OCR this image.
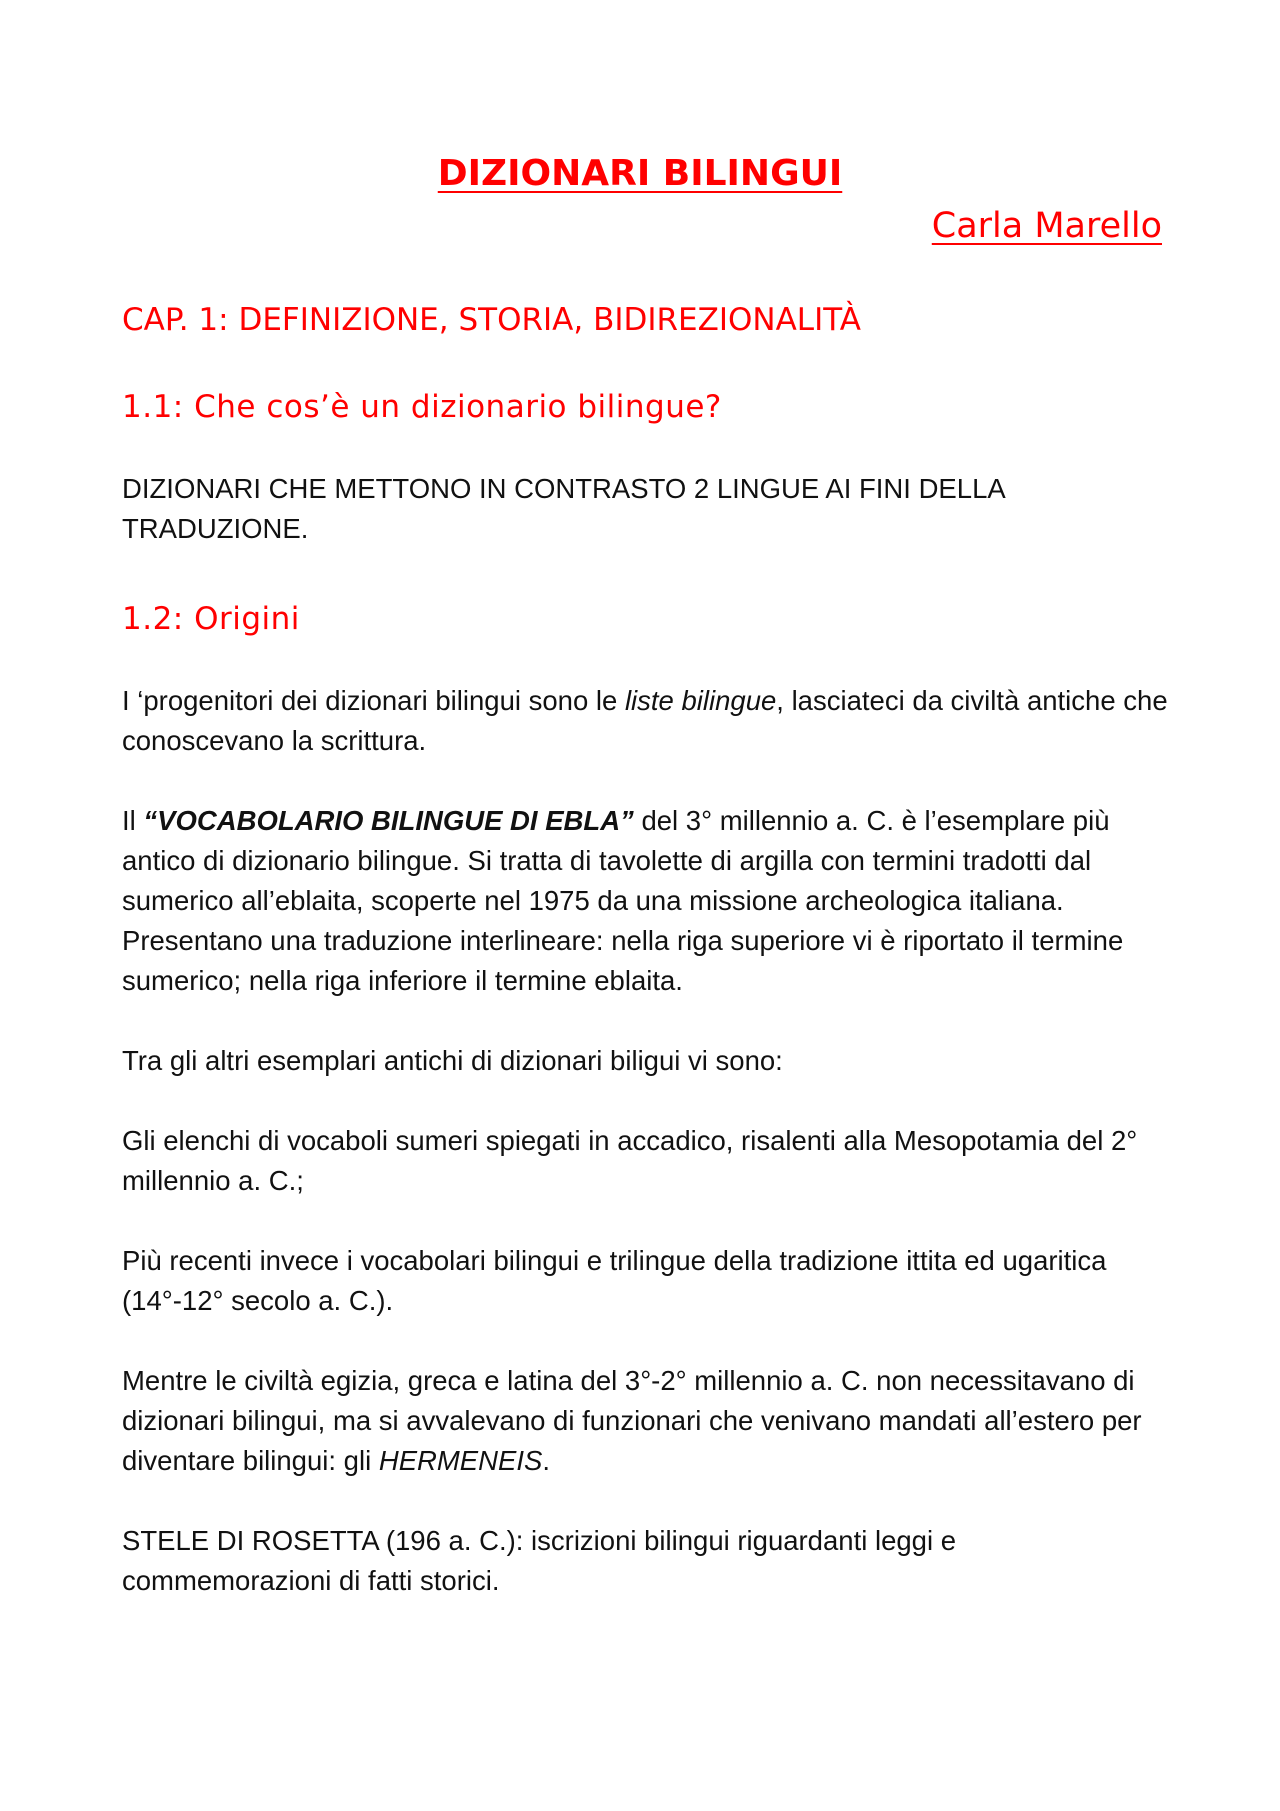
DIZIONARI BILINGUI
Carla Marello
CAP. 1: DEFINIZIONE, STORIA, BIDIREZIONALITÀ
1.1: Che cos’è un dizionario bilingue?

DIZIONARI CHE METTONO IN CONTRASTO 2 LINGUE AI FINI DELLA TRADUZIONE.

1.2: Origini

I ‘progenitori dei dizionari bilingui sono le liste bilingue, lasciateci da civiltà antiche che conoscevano la scrittura.

Il “VOCABOLARIO BILINGUE DI EBLA” del 3° millennio a. C. è l’esemplare più antico di dizionario bilingue. Si tratta di tavolette di argilla con termini tradotti dal sumerico all’eblaita, scoperte nel 1975 da una missione archeologica italiana.

Presentano una traduzione interlineare: nella riga superiore vi è riportato il termine sumerico; nella riga inferiore il termine eblaita.

Tra gli altri esemplari antichi di dizionari biligui vi sono:

Gli elenchi di vocaboli sumeri spiegati in accadico, risalenti alla Mesopotamia del 2° millennio a. C.;

Più recenti invece i vocabolari bilingui e trilingue della tradizione ittita ed ugaritica (14°-12° secolo a. C.).

Mentre le civiltà egizia, greca e latina del 3°-2° millennio a. C. non necessitavano di dizionari bilingui, ma si avvalevano di funzionari che venivano mandati all’estero per diventare bilingui: gli HERMENEIS.

STELE DI ROSETTA (196 a. C.): iscrizioni bilingui riguardanti leggi e commemorazioni di fatti storici.
